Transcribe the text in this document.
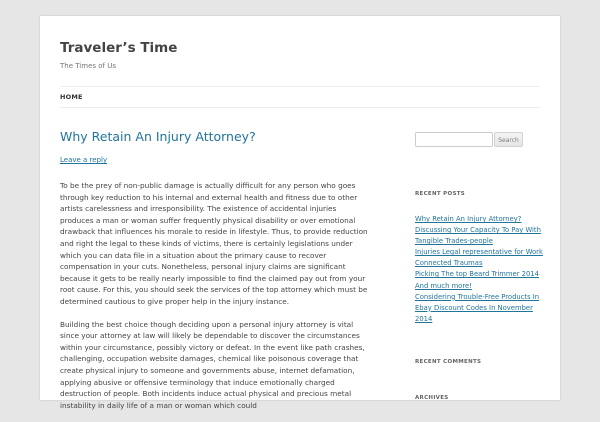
Traveler’s Time
The Times of Us
HOME
Why Retain An Injury Attorney?
Leave a reply

To be the prey of non-public damage is actually difficult for any person who goes through key reduction to his internal and external health and fitness due to other artists carelessness and irresponsibility. The existence of accidental injuries produces a man or woman suffer frequently physical disability or over emotional drawback that influences his morale to reside in lifestyle. Thus, to provide reduction and right the legal to these kinds of victims, there is certainly legislations under which you can data file in a situation about the primary cause to recover compensation in your cuts. Nonetheless, personal injury claims are significant because it gets to be really nearly impossible to find the claimed pay out from your root cause. For this, you should seek the services of the top attorney which must be determined cautious to give proper help in the injury instance.

Building the best choice though deciding upon a personal injury attorney is vital since your attorney at law will likely be dependable to discover the circumstances within your circumstance, possibly victory or defeat. In the event like path crashes, challenging, occupation website damages, chemical like poisonous coverage that create physical injury to someone and governments abuse, internet defamation, applying abusive or offensive terminology that induce emotionally charged destruction of people. Both incidents induce actual physical and precious metal instability in daily life of a man or woman which could

Search
RECENT POSTS
Why Retain An Injury Attorney?
Discussing Your Capacity To Pay With Tangible Trades-people
Injuries Legal representative for Work Connected Traumas
Picking The top Beard Trimmer 2014 And much more!
Considering Trouble-Free Products In Ebay Discount Codes In November 2014
RECENT COMMENTS
ARCHIVES
